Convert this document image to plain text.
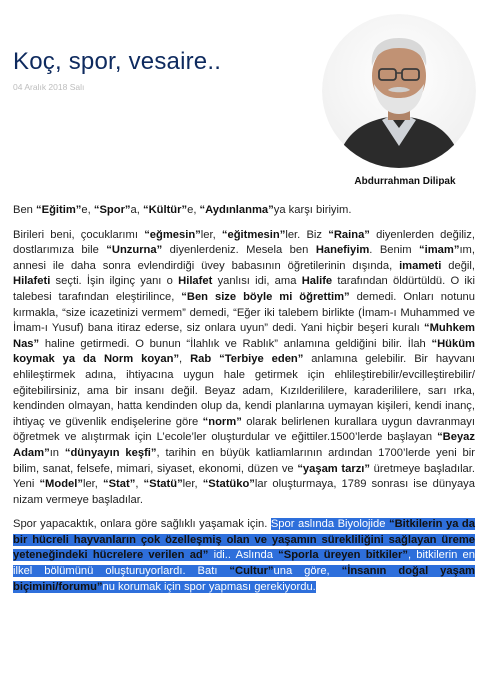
Koç, spor, vesaire..
04 Aralık 2018 Salı
Abdurrahman Dilipak

Ben “Eğitim”e, “Spor”a, “Kültür”e, “Aydınlanma”ya karşı biriyim.

Birileri beni, çocuklarımı “eğmesin”ler, “eğitmesin”ler. Biz “Raina” diyenlerden değiliz, dostlarımıza bile “Unzurna” diyenlerdeniz. Mesela ben Hanefiyim. Benim “imam”ım, annesi ile daha sonra evlendirdiği üvey babasının öğretilerinin dışında, imameti değil, Hilafeti seçti. İşin ilginç yanı o Hilafet yanlısı idi, ama Halife tarafından öldürtüldü. O iki talebesi tarafından eleştirilince, “Ben size böyle mi öğrettim” demedi. Onları notunu kırmakla, “size icazetinizi vermem” demedi, “Eğer iki talebem birlikte (İmam-ı Muhammed ve İmam-ı Yusuf) bana itiraz ederse, siz onlara uyun” dedi. Yani hiçbir beşeri kuralı “Muhkem Nas” haline getirmedi. O bunun “İlahlık ve Rablık” anlamına geldiğini bilir. İlah “Hüküm koymak ya da Norm koyan”, Rab “Terbiye eden” anlamına gelebilir. Bir hayvanı ehlileştirmek adına, ihtiyacına uygun hale getirmek için ehlileştirebilir/evcilleştirebilir/ eğitebilirsiniz, ama bir insanı değil. Beyaz adam, Kızılderililere, karaderililere, sarı ırka, kendinden olmayan, hatta kendinden olup da, kendi planlarına uymayan kişileri, kendi inanç, ihtiyaç ve güvenlik endişelerine göre “norm” olarak belirlenen kurallara uygun davranmayı öğretmek ve alıştırmak için L’ecole’ler oluşturdular ve eğittiler.1500’lerde başlayan “Beyaz Adam”ın “dünyayın keşfi”, tarihin en büyük katliamlarının ardından 1700’lerde yeni bir bilim, sanat, felsefe, mimari, siyaset, ekonomi, düzen ve “yaşam tarzı” üretmeye başladılar. Yeni “Model”ler, “Stat”, “Statü”ler, “Statüko”lar oluşturmaya, 1789 sonrası ise dünyaya nizam vermeye başladılar.

Spor yapacaktık, onlara göre sağlıklı yaşamak için. Spor aslında Biyolojide “Bitkilerin ya da bir hücreli hayvanların çok özelleşmiş olan ve yaşamın sürekliliğini sağlayan üreme yeteneğindeki hücrelere verilen ad” idi.. Aslında “Sporla üreyen bitkiler”, bitkilerin en ilkel bölümünü oluşturuyorlardı. Batı “Cultur”una göre, “İnsanın doğal yaşam biçimini/forumu”nu korumak için spor yapması gerekiyordu.
